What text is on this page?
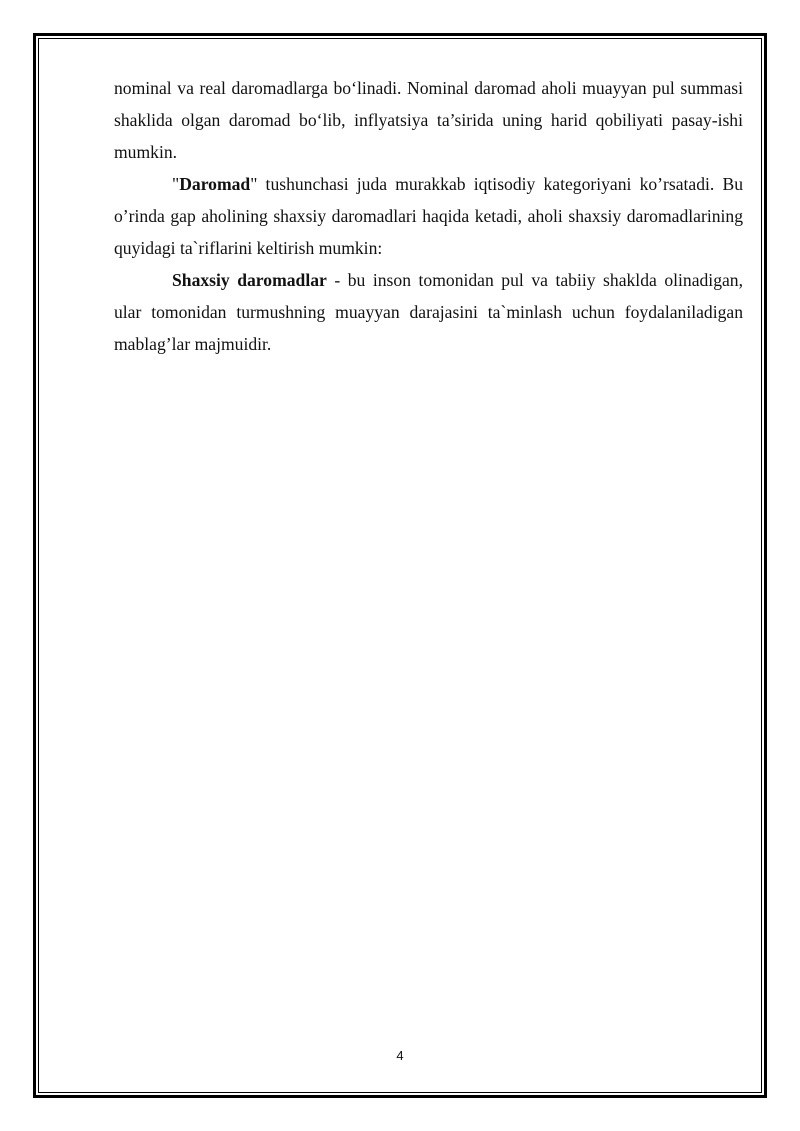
nominal va real daromadlarga bo‘linadi. Nominal daromad aholi muayyan pul summasi shaklida olgan daromad bo‘lib, inflyatsiya ta’sirida uning harid qobiliyati pasay-ishi mumkin.

"Daromad" tushunchasi juda murakkab iqtisodiy kategoriyani ko’rsatadi. Bu o’rinda gap aholining shaxsiy daromadlari haqida ketadi, aholi shaxsiy daromadlarining quyidagi ta`riflarini keltirish mumkin:

Shaxsiy daromadlar - bu inson tomonidan pul va tabiiy shaklda olinadigan, ular tomonidan turmushning muayyan darajasini ta`minlash uchun foydalaniladigan mablag’lar majmuidir.

4
